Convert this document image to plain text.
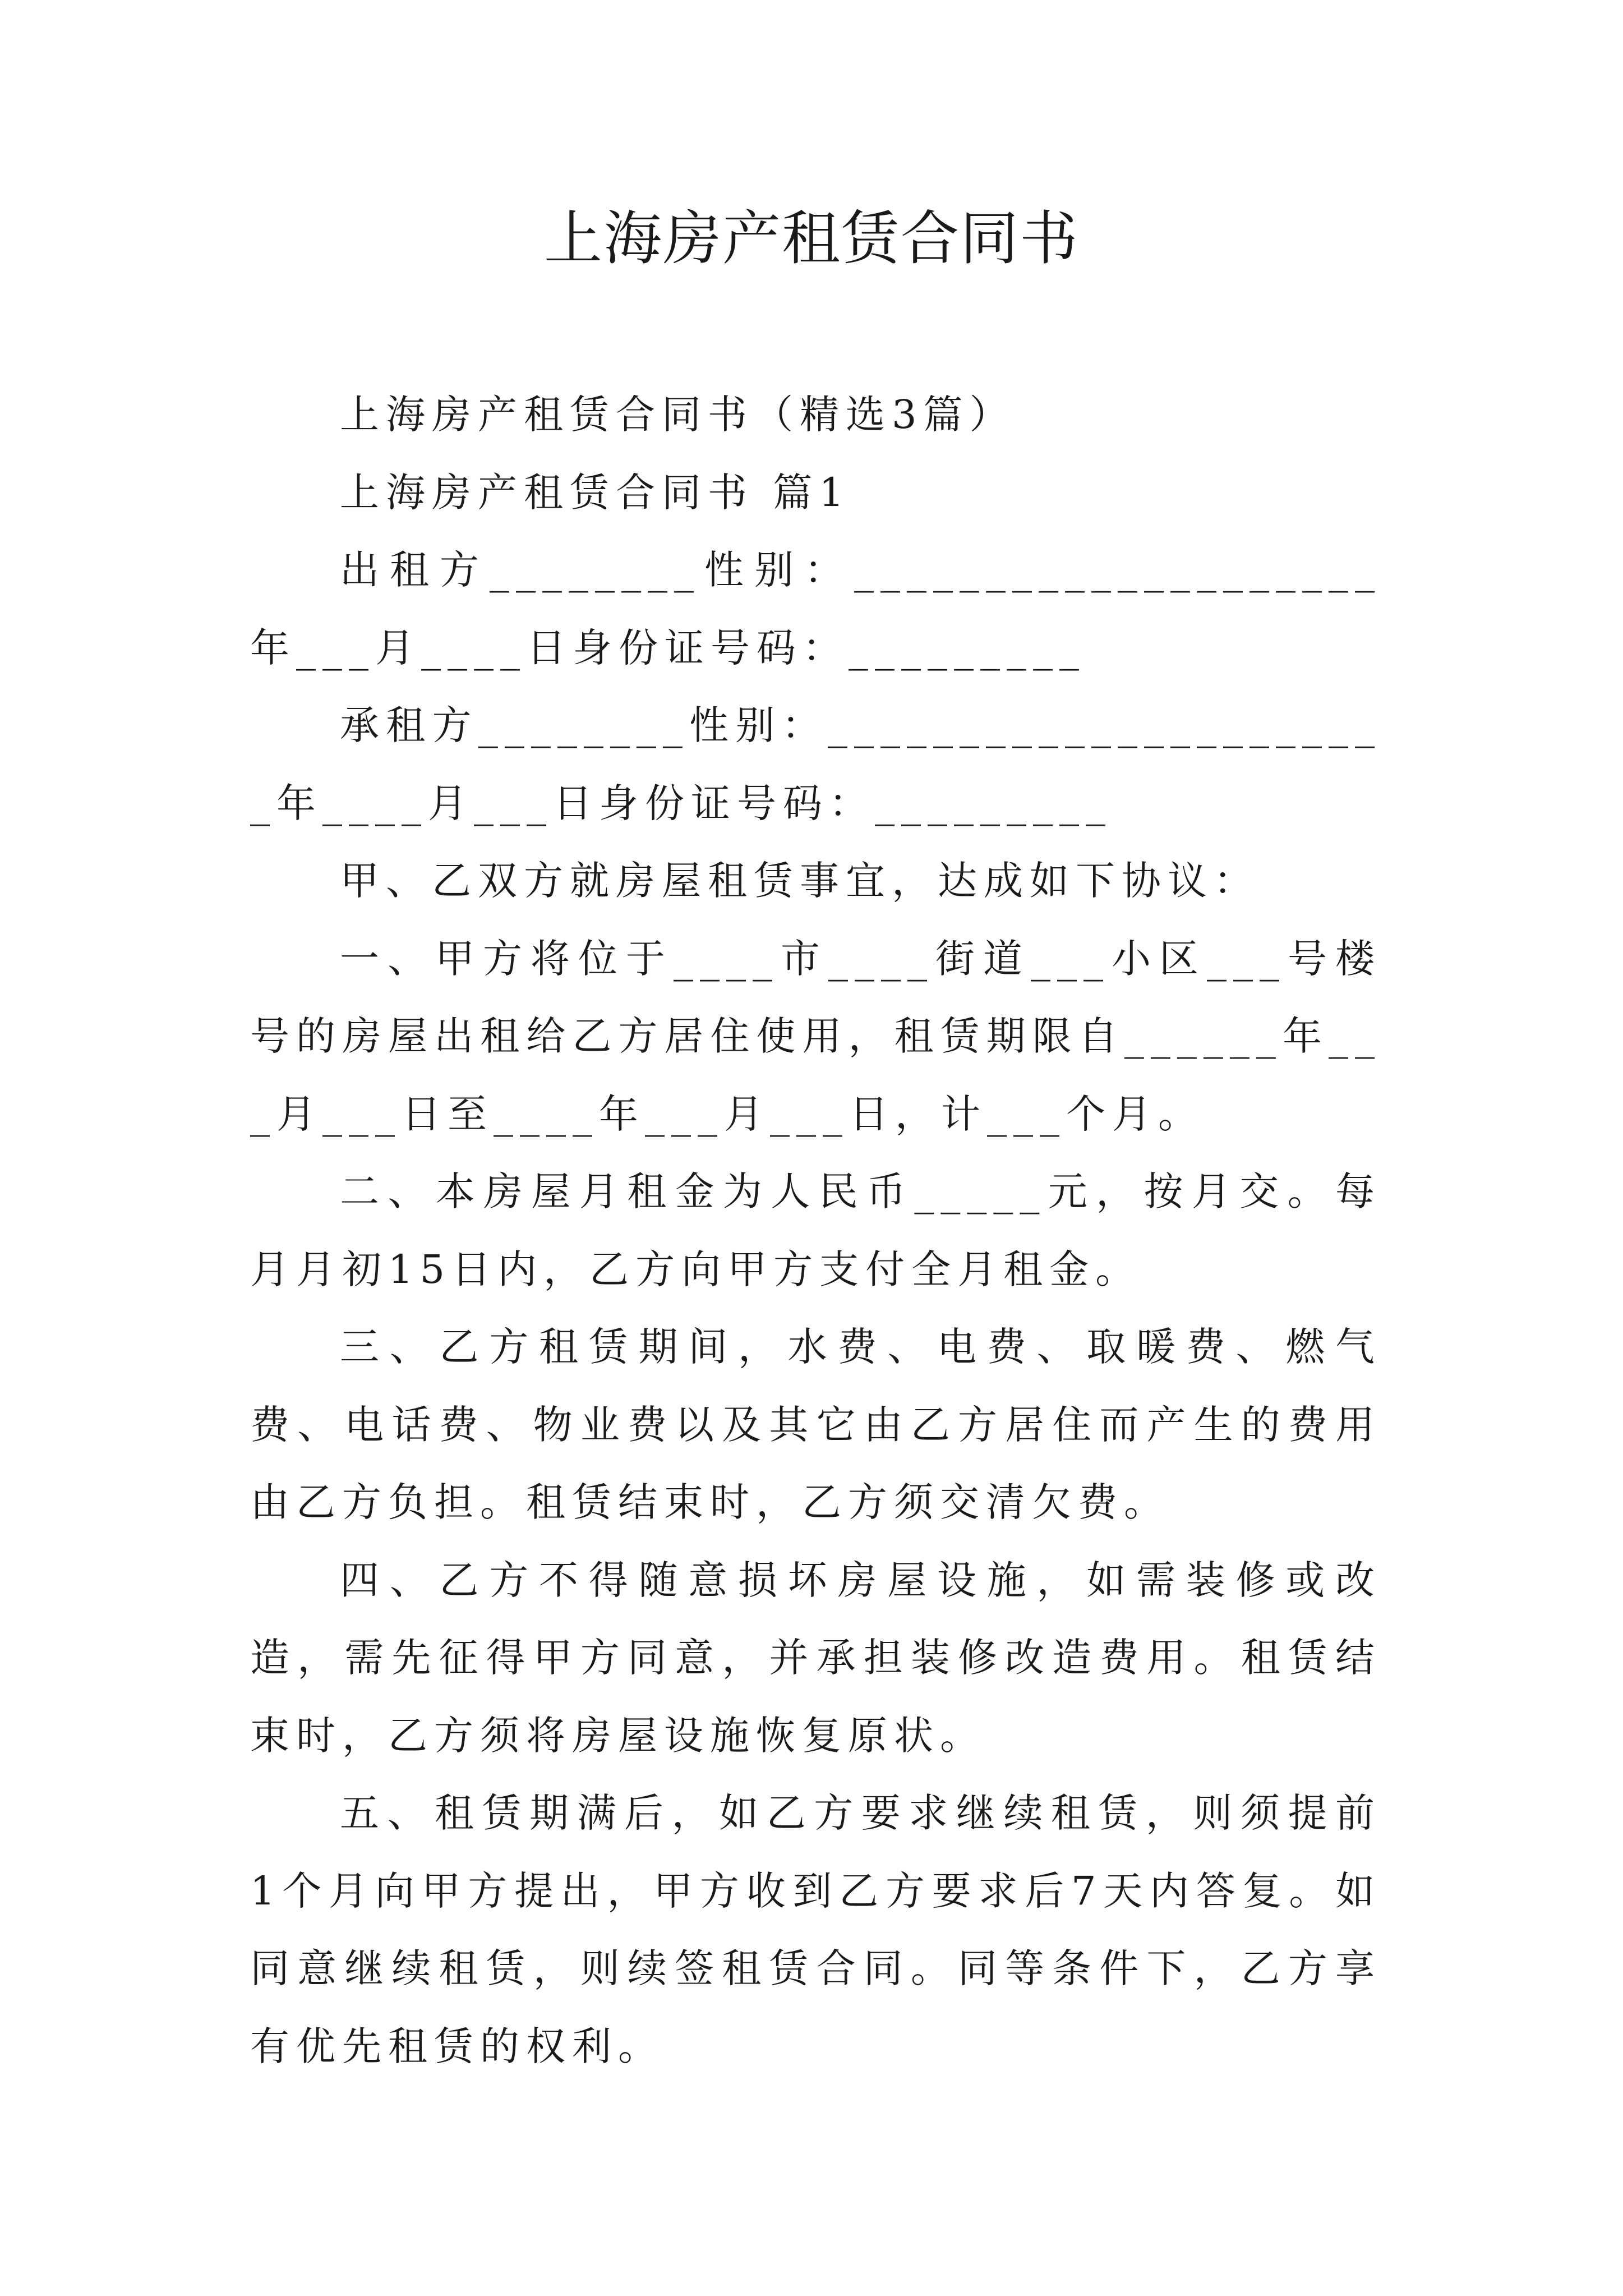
上海房产租赁合同书

上海房产租赁合同书（精选3篇）

上海房产租赁合同书 篇1

出租方________性别：____________________年___月____日身份证号码：_________

承租方________性别：______________________年____月___日身份证号码：_________

甲、乙双方就房屋租赁事宜，达成如下协议：

一、甲方将位于____市____街道___小区___号楼号的房屋出租给乙方居住使用，租赁期限自______年___月___日至____年___月___日，计___个月。

二、本房屋月租金为人民币_____元，按月交。每月月初15日内，乙方向甲方支付全月租金。

三、乙方租赁期间，水费、电费、取暖费、燃气费、电话费、物业费以及其它由乙方居住而产生的费用由乙方负担。租赁结束时，乙方须交清欠费。

四、乙方不得随意损坏房屋设施，如需装修或改造，需先征得甲方同意，并承担装修改造费用。租赁结束时，乙方须将房屋设施恢复原状。

五、租赁期满后，如乙方要求继续租赁，则须提前1个月向甲方提出，甲方收到乙方要求后7天内答复。如同意继续租赁，则续签租赁合同。同等条件下，乙方享有优先租赁的权利。
